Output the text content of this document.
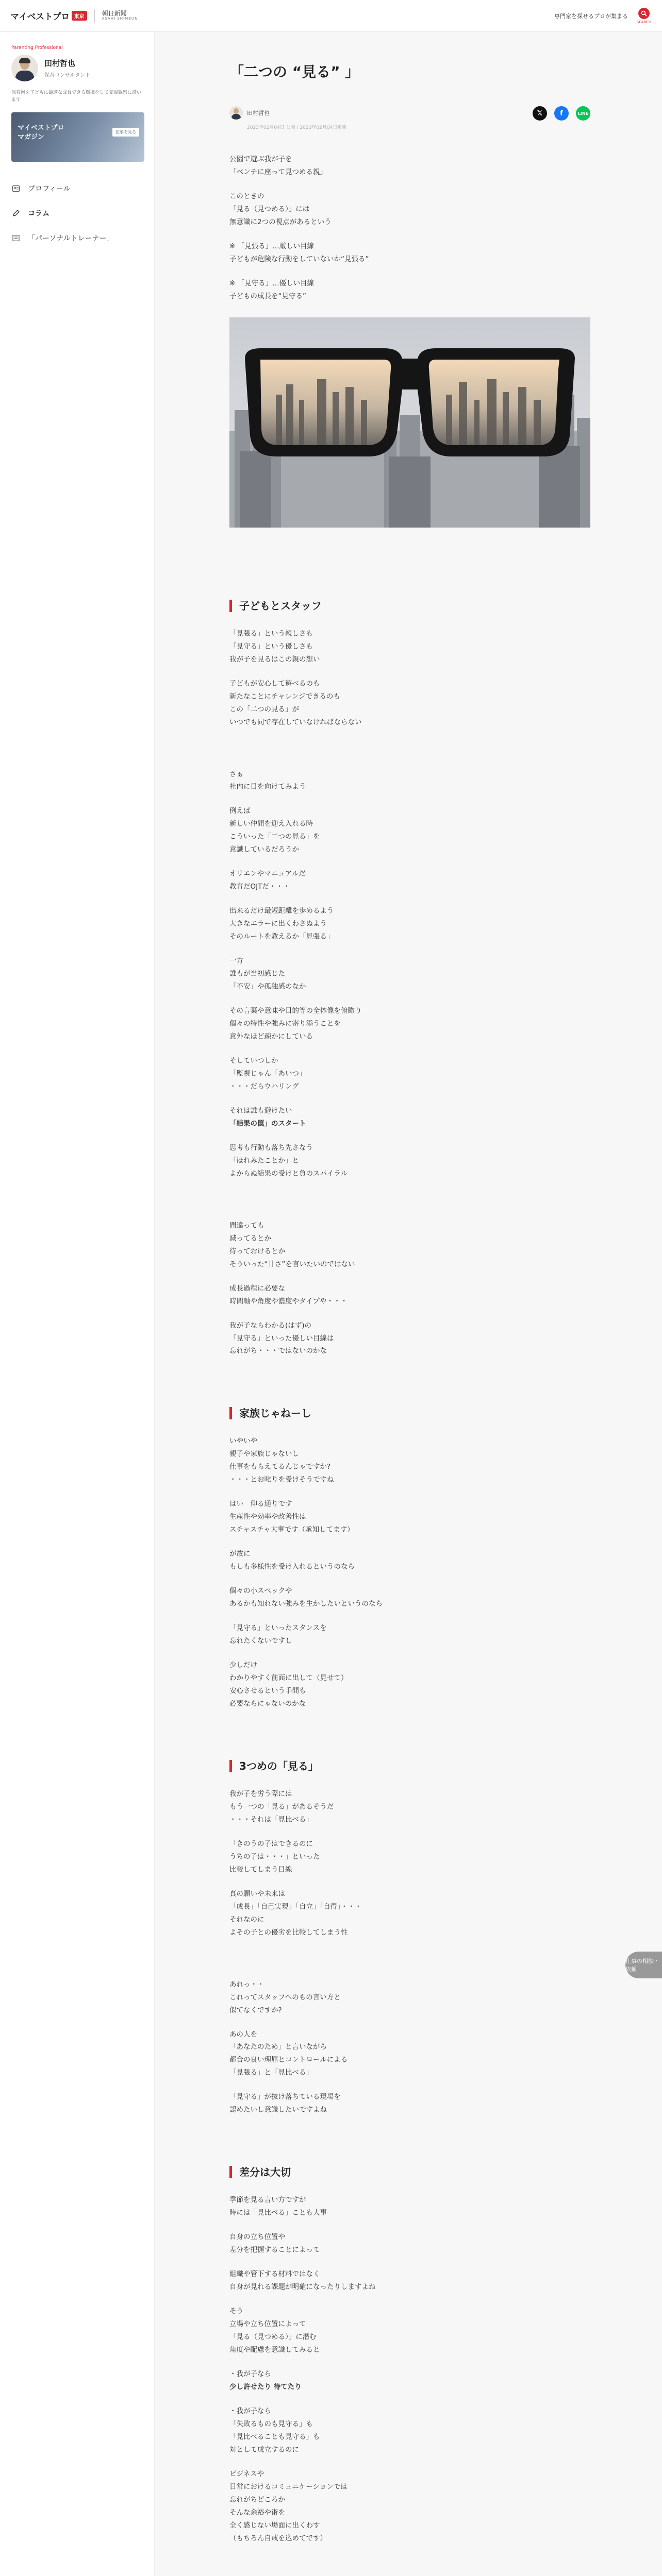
マイベストプロ 東京	朝日新聞
ASAHI SHIMBUN	専門家を探せるプロが集まる
SEARCH
Parenting Professional
田村哲也
保育コンサルタント
保育園を子どもに最適な成長できる環境をして支援観察に沿います
マイベストプロ
マガジン
記事を見る
プロフィール
コラム
「パーソナルトレーナー」
「二つの “見る” 」
田村哲也
2023年02月04日 公開 / 2023年02月04日更新
𝕏	f	LINE

公園で遊ぶ我が子を

「ベンチに座って見つめる親」

このときの

「見る（見つめる）」には

無意識に2つの視点があるという

※ 「見張る」…厳しい目線

子どもが危険な行動をしていないか“見張る”

※ 「見守る」…優しい目線

子どもの成長を“見守る”

子どもとスタッフ

「見張る」という親しさも

「見守る」という優しさも

我が子を見るはこの親の想い

子どもが安心して遊べるのも

新たなことにチャレンジできるのも

この「二つの見る」が

いつでも同で存在していなければならない

さぁ

社内に目を向けてみよう

例えば

新しい仲間を迎え入れる時

こういった「二つの見る」を

意識しているだろうか

オリエンやマニュアルだ

教育だOJTだ・・・

出来るだけ最短距離を歩めるよう

大きなエラーに出くわさぬよう

そのルートを教えるか「見張る」

一方

誰もが当初感じた

「不安」や孤独感のなか

その言葉や意味や目的等の全体像を俯瞰り

個々の特性や強みに寄り添うことを

意外なほど疎かにしている

そしていつしか

「監視じゃん「あいつ」

・・・だらウハリング

それは誰も避けたい

「結果の罠」のスタート

思考も行動も落ち先さなう

「ほれみたことか」と

よからぬ結果の受けと負のスパイラル

間違っても

減ってるとか

待っておけるとか

そういった“甘さ”を言いたいのではない

成長過程に必要な

時間軸や角度や濃度やタイプや・・・

我が子ならわかる(はず)の

「見守る」といった優しい目線は

忘れがち・・・ではないのかな

家族じゃねーし

いやいや

親子や家族じゃないし

仕事をもらえてるんじゃですか?

・・・とお叱りを受けそうですね

はい　仰る通りです

生産性や効率や改善性は

スチャスチャ大事です（承知してます）

が故に

もしも多様性を受け入れるというのなら

個々の小スペックや

あるかも知れない強みを生かしたいというのなら

「見守る」といったスタンスを

忘れたくないですし

少しだけ

わかりやすく前面に出して（見せて）

安心させるという手間も

必要ならにゃないのかな

3つめの「見る」

我が子を労う際には

もう一つの「見る」があるそうだ

・・・それは「見比べる」

「きのうの子はできるのに

うちの子は・・・」といった

比較してしまう目線

真の願いや未来は

「成長」「自己実現」「自立」「自得」・・・

それなのに

よその子との優劣を比較してしまう性

あれっ・・

これってスタッフへのもの言い方と

似てなくですか?

あの人を

「あなたのため」と言いながら

都合の良い理屈とコントロールによる

「見張る」と「見比べる」

「見守る」が抜け落ちている現場を

認めたいし意識したいですよね

差分は大切

季節を見る言い方ですが

時には「見比べる」ことも大事

自身の立ち位置や

差分を把握することによって

組織や管下する材料ではなく

自身が見れる課題が明確になったりしますよね

そう

立場や立ち位置によって

「見る（見つめる）」に潜む

角度や配慮を意識してみると

・我が子なら

少し許せたり 待てたり

・我が子なら

「失敗るものも見守る」も

「見比べることも見守る」も

対として成立するのに

ビジネスや

日常におけるコミュニケーションでは

忘れがちどころか

そんな余裕や術を

全く感じない場面に出くわす

（もちろん自戒を込めてです）

仕事の相談・依頼
